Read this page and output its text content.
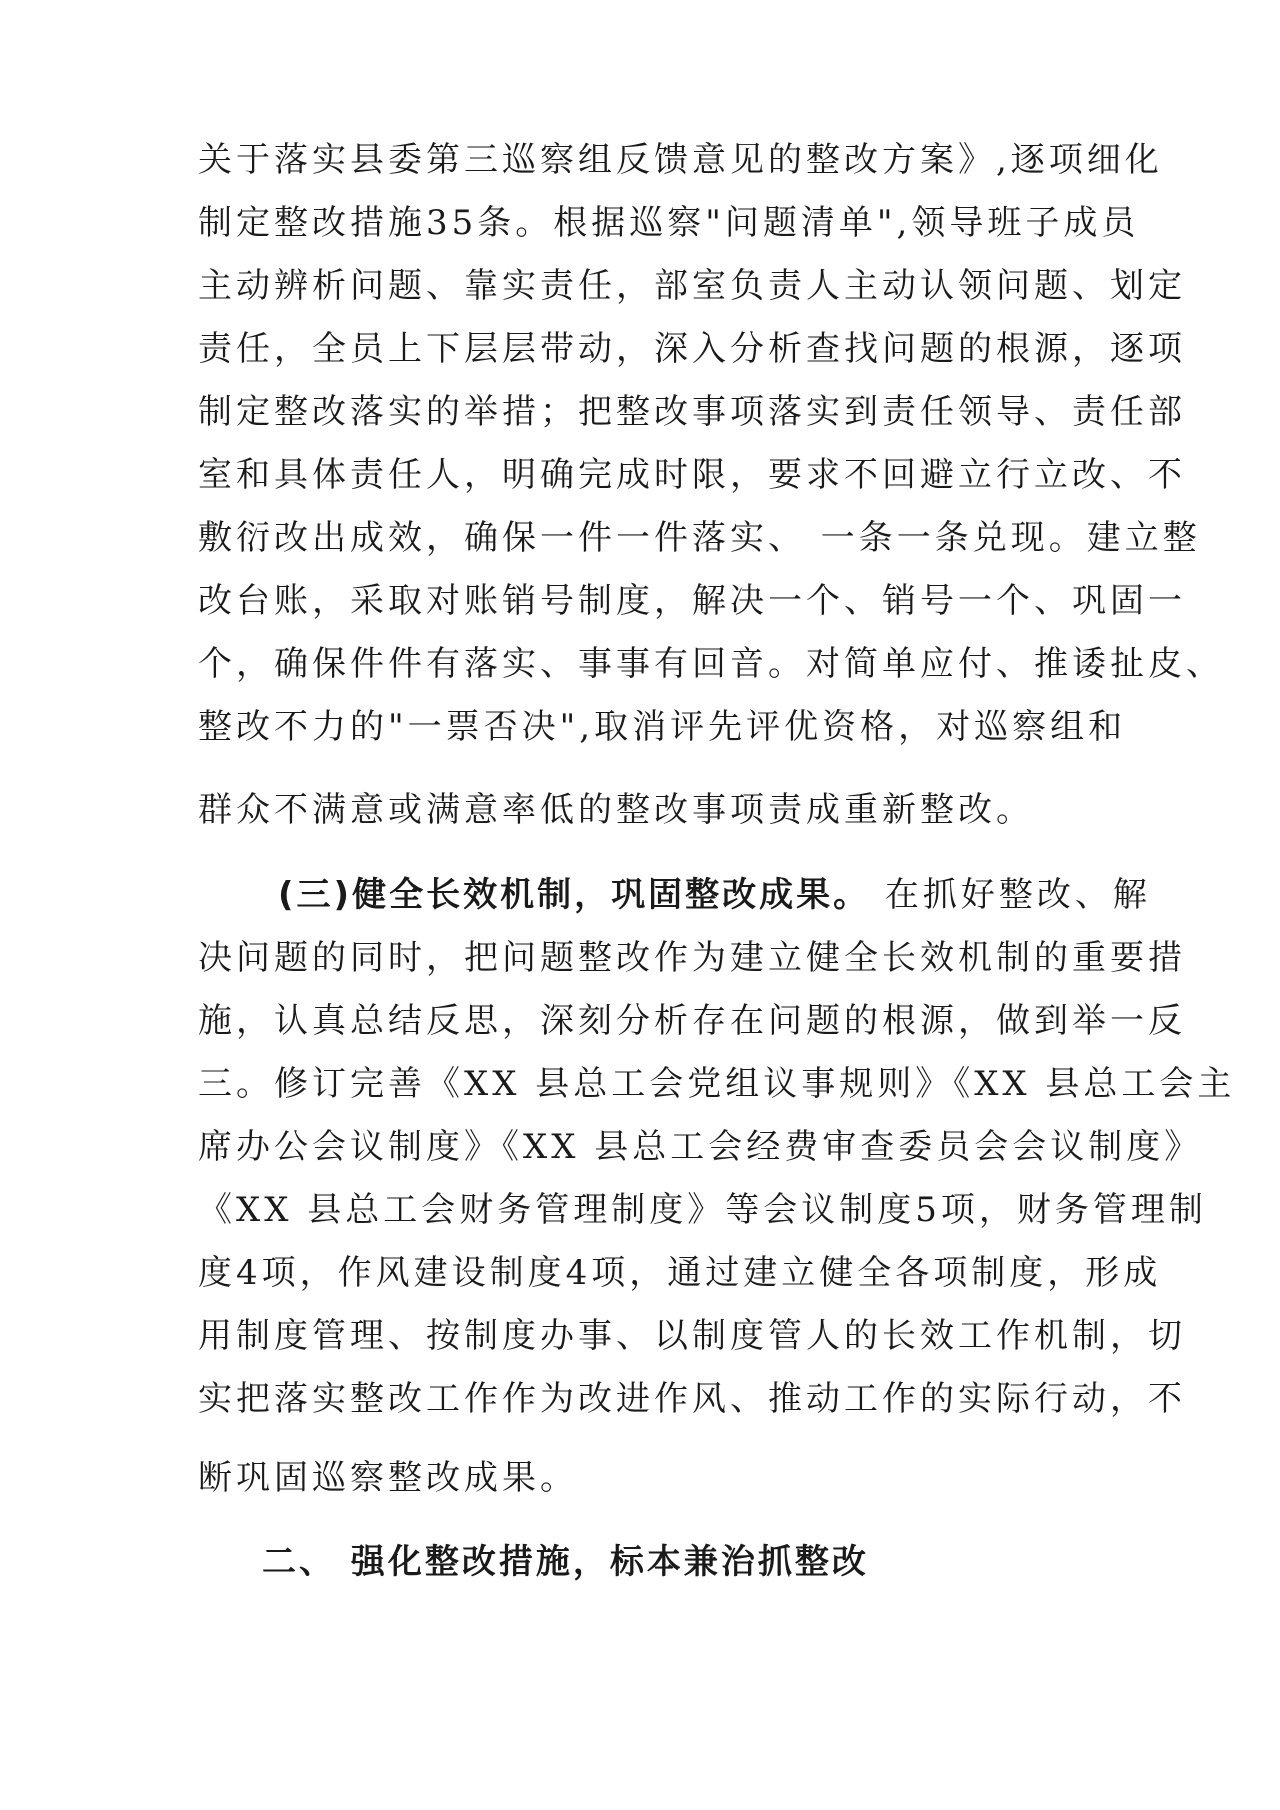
关于落实县委第三巡察组反馈意见的整改方案》,逐项细化
制定整改措施35条。根据巡察"问题清单",领导班子成员
主动辨析问题、靠实责任，部室负责人主动认领问题、划定
责任，全员上下层层带动，深入分析查找问题的根源，逐项
制定整改落实的举措；把整改事项落实到责任领导、责任部
室和具体责任人，明确完成时限，要求不回避立行立改、不
敷衍改出成效，确保一件一件落实、 一条一条兑现。建立整
改台账，采取对账销号制度，解决一个、销号一个、巩固一
个，确保件件有落实、事事有回音。对简单应付、推诿扯皮、
整改不力的"一票否决",取消评先评优资格，对巡察组和
群众不满意或满意率低的整改事项责成重新整改。
(三)健全长效机制，巩固整改成果。 在抓好整改、解
决问题的同时，把问题整改作为建立健全长效机制的重要措
施，认真总结反思，深刻分析存在问题的根源，做到举一反
三。修订完善《XX 县总工会党组议事规则》《XX 县总工会主
席办公会议制度》《XX 县总工会经费审查委员会会议制度》
《XX 县总工会财务管理制度》等会议制度5项，财务管理制
度4项，作风建设制度4项，通过建立健全各项制度，形成
用制度管理、按制度办事、以制度管人的长效工作机制，切
实把落实整改工作作为改进作风、推动工作的实际行动，不
断巩固巡察整改成果。
二、 强化整改措施，标本兼治抓整改
